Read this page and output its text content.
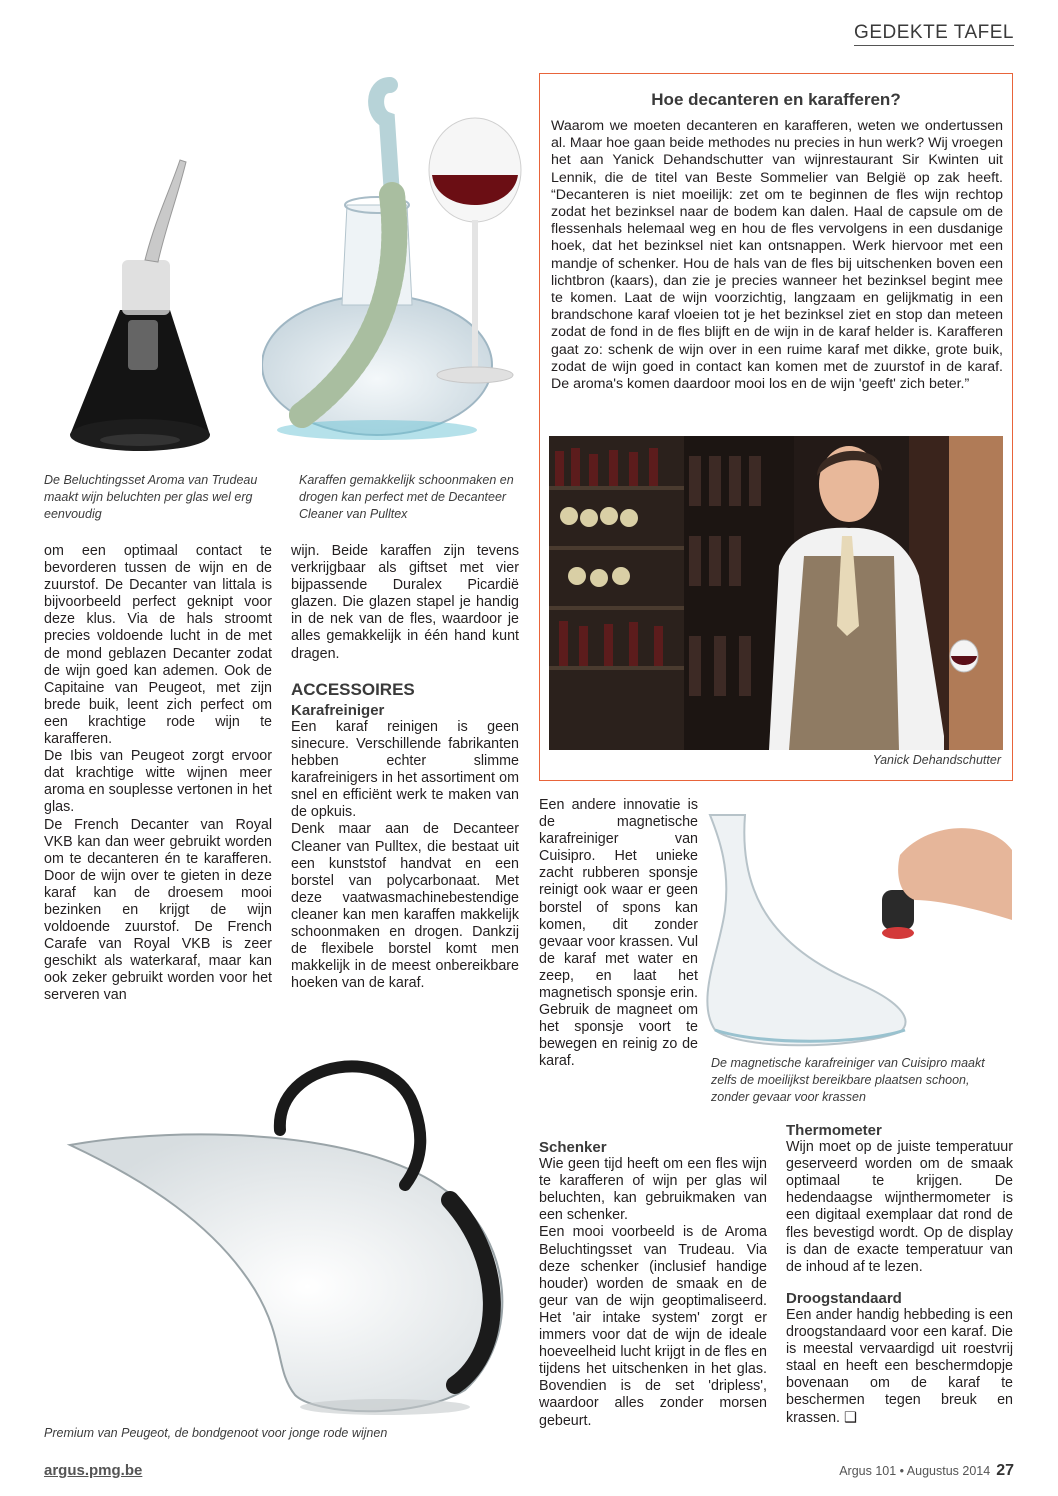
GEDEKTE TAFEL
De Beluchtingsset Aroma van Trudeau maakt wijn beluchten per glas wel erg eenvoudig
Karaffen gemakkelijk schoonmaken en drogen kan perfect met de Decanteer Cleaner van Pulltex
Hoe decanteren en karafferen?
Waarom we moeten decanteren en karafferen, weten we ondertussen al. Maar hoe gaan beide methodes nu precies in hun werk? Wij vroegen het aan Yanick Dehandschutter van wijnrestaurant Sir Kwinten uit Lennik, die de titel van Beste Sommelier van België op zak heeft. “Decanteren is niet moeilijk: zet om te beginnen de fles wijn rechtop zodat het bezinksel naar de bodem kan dalen. Haal de capsule om de flessenhals helemaal weg en hou de fles vervolgens in een dusdanige hoek, dat het bezinksel niet kan ontsnappen. Werk hiervoor met een mandje of schenker. Hou de hals van de fles bij uitschenken boven een lichtbron (kaars), dan zie je precies wanneer het bezinksel begint mee te komen. Laat de wijn voorzichtig, langzaam en gelijkmatig in een brandschone karaf vloeien tot je het bezinksel ziet en stop dan meteen zodat de fond in de fles blijft en de wijn in de karaf helder is. Karafferen gaat zo: schenk de wijn over in een ruime karaf met dikke, grote buik, zodat de wijn goed in contact kan komen met de zuurstof in de karaf. De aroma's komen daardoor mooi los en de wijn 'geeft' zich beter.”
Yanick Dehandschutter

om een optimaal contact te bevorderen tussen de wijn en de zuurstof. De Decanter van littala is bijvoorbeeld perfect geknipt voor deze klus. Via de hals stroomt precies voldoende lucht in de met de mond geblazen Decanter zodat de wijn goed kan ademen. Ook de Capitaine van Peugeot, met zijn brede buik, leent zich perfect om een krachtige rode wijn te karafferen.

De Ibis van Peugeot zorgt ervoor dat krachtige witte wijnen meer aroma en souplesse vertonen in het glas.

De French Decanter van Royal VKB kan dan weer gebruikt worden om te decanteren én te karafferen. Door de wijn over te gieten in deze karaf kan de droesem mooi bezinken en krijgt de wijn voldoende zuurstof. De French Carafe van Royal VKB is zeer geschikt als waterkaraf, maar kan ook zeker gebruikt worden voor het serveren van

wijn. Beide karaffen zijn tevens verkrijgbaar als giftset met vier bijpassende Duralex Picardië glazen. Die glazen stapel je handig in de nek van de fles, waardoor je alles gemakkelijk in één hand kunt dragen.

ACCESSOIRES
Karafreiniger

Een karaf reinigen is geen sinecure. Verschillende fabrikanten hebben echter slimme karafreinigers in het assortiment om snel en efficiënt werk te maken van de opkuis.

Denk maar aan de Decanteer Cleaner van Pulltex, die bestaat uit een kunststof handvat en een borstel van polycarbonaat. Met deze vaatwasmachinebestendige cleaner kan men karaffen makkelijk schoonmaken en drogen. Dankzij de flexibele borstel komt men makkelijk in de meest onbereikbare hoeken van de karaf.

De magnetische karafreiniger van Cuisipro maakt zelfs de moeilijkst bereikbare plaatsen schoon, zonder gevaar voor krassen

Een andere innovatie is de magnetische karafreiniger van Cuisipro. Het unieke zacht rubberen sponsje reinigt ook waar er geen borstel of spons kan komen, dit zonder gevaar voor krassen. Vul de karaf met water en zeep, en laat het magnetisch sponsje erin. Gebruik de magneet om het sponsje voort te bewegen en reinig zo de karaf.

Schenker

Wie geen tijd heeft om een fles wijn te karafferen of wijn per glas wil beluchten, kan gebruikmaken van een schenker.

Een mooi voorbeeld is de Aroma Beluchtingsset van Trudeau. Via deze schenker (inclusief handige houder) worden de smaak en de geur van de wijn geoptimaliseerd. Het 'air intake system' zorgt er immers voor dat de wijn de ideale hoeveelheid lucht krijgt in de fles en tijdens het uitschenken in het glas. Bovendien is de set 'dripless', waardoor alles zonder morsen gebeurt.

Thermometer

Wijn moet op de juiste temperatuur geserveerd worden om de smaak optimaal te krijgen. De hedendaagse wijnthermometer is een digitaal exemplaar dat rond de fles bevestigd wordt. Op de display is dan de exacte temperatuur van de inhoud af te lezen.

Droogstandaard

Een ander handig hebbeding is een droogstandaard voor een karaf. Die is meestal vervaardigd uit roestvrij staal en heeft een beschermdopje bovenaan om de karaf te beschermen tegen breuk en krassen. ❑

Premium van Peugeot, de bondgenoot voor jonge rode wijnen
argus.pmg.be	Argus 101 • Augustus 2014 27
